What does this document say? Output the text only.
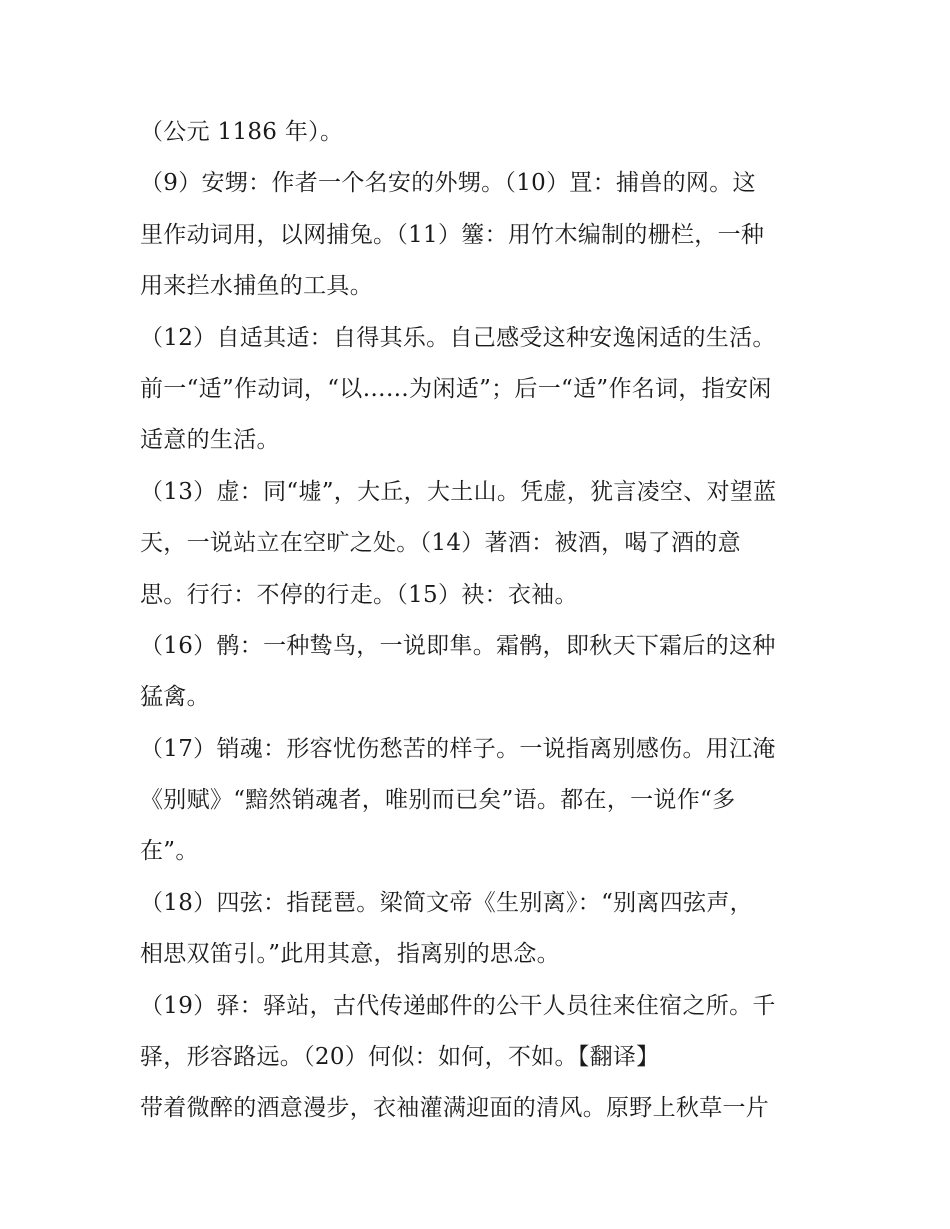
（公元 1186 年）。
（9）安甥：作者一个名安的外甥。（10）罝：捕兽的网。这
里作动词用，以网捕兔。（11）簺：用竹木编制的栅栏，一种
用来拦水捕鱼的工具。
（12）自适其适：自得其乐。自己感受这种安逸闲适的生活。
前一“适”作动词，“以……为闲适”；后一“适”作名词，指安闲
适意的生活。
（13）虚：同“墟”，大丘，大土山。凭虚，犹言凌空、对望蓝
天，一说站立在空旷之处。（14）著酒：被酒，喝了酒的意
思。行行：不停的行走。（15）袂：衣袖。
（16）鹘：一种鸷鸟，一说即隼。霜鹘，即秋天下霜后的这种
猛禽。
（17）销魂：形容忧伤愁苦的样子。一说指离别感伤。用江淹
《别赋》“黯然销魂者，唯别而已矣”语。都在，一说作“多
在”。
（18）四弦：指琵琶。梁简文帝《生别离》：“别离四弦声，
相思双笛引。”此用其意，指离别的思念。
（19）驿：驿站，古代传递邮件的公干人员往来住宿之所。千
驿，形容路远。（20）何似：如何，不如。【翻译】
带着微醉的酒意漫步，衣袖灌满迎面的清风。原野上秋草一片
